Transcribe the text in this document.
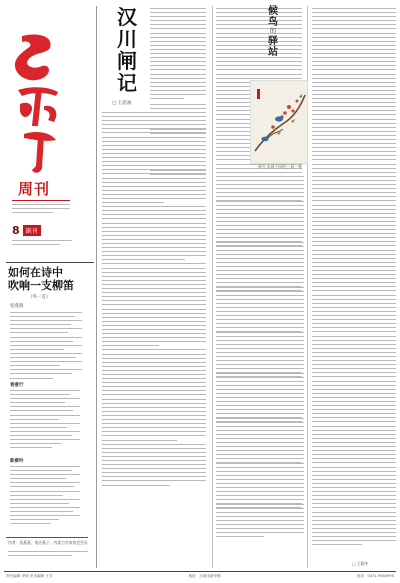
周刊
8	副刊
如何在诗中
吹响一支柳笛
（外一首）
张燕燕
春意行
新柳吟
作者：张燕燕，笔名燕子，内蒙古作家协会会员
汉
川
闸
记
□ 王思涵
候
鸟
的
驿
站
候鸟 来源于网络 □ 蒋一帆
□ 王晓冬
责任编辑 李明 美术编辑 王芳	地址：古城市新华路	电话：0471-9584990
